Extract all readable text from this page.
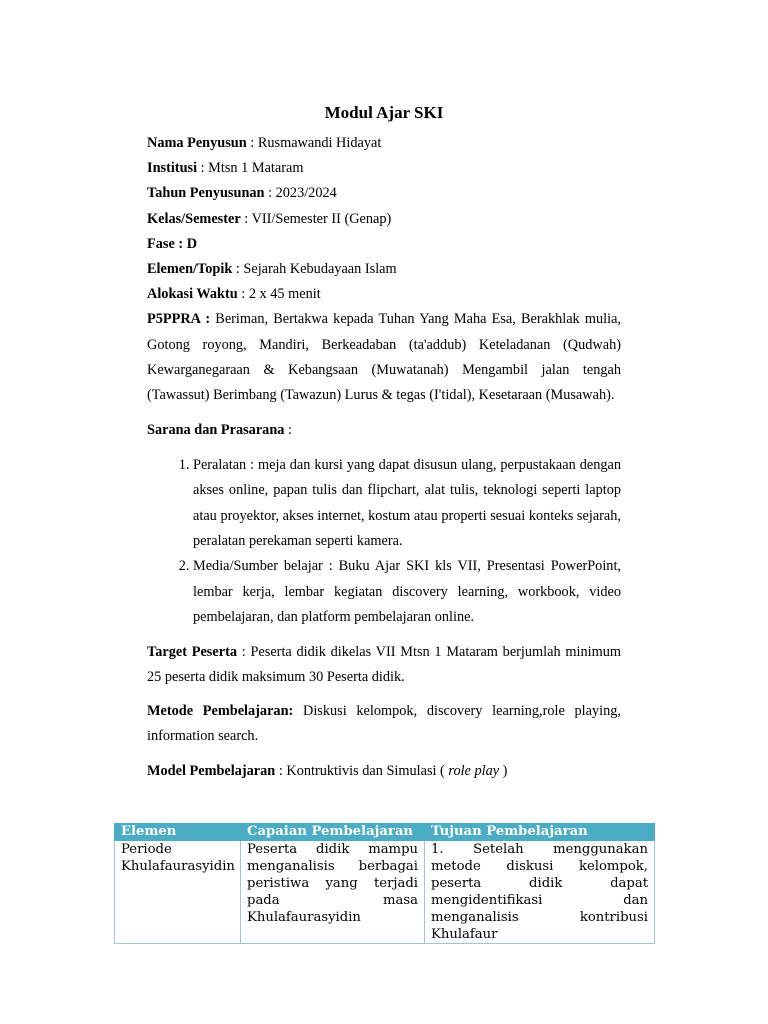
Modul Ajar SKI
Nama Penyusun : Rusmawandi Hidayat
Institusi : Mtsn 1 Mataram
Tahun Penyusunan : 2023/2024
Kelas/Semester : VII/Semester II (Genap)
Fase : D
Elemen/Topik : Sejarah Kebudayaan Islam
Alokasi Waktu : 2 x 45 menit
P5PPRA : Beriman, Bertakwa kepada Tuhan Yang Maha Esa, Berakhlak mulia, Gotong royong, Mandiri, Berkeadaban (ta'addub) Keteladanan (Qudwah) Kewarganegaraan & Kebangsaan (Muwatanah) Mengambil jalan tengah (Tawassut) Berimbang (Tawazun) Lurus & tegas (I'tidal), Kesetaraan (Musawah).
Sarana dan Prasarana :
1. Peralatan : meja dan kursi yang dapat disusun ulang, perpustakaan dengan akses online, papan tulis dan flipchart, alat tulis, teknologi seperti laptop atau proyektor, akses internet, kostum atau properti sesuai konteks sejarah, peralatan perekaman seperti kamera.
2. Media/Sumber belajar : Buku Ajar SKI kls VII, Presentasi PowerPoint, lembar kerja, lembar kegiatan discovery learning, workbook, video pembelajaran, dan platform pembelajaran online.
Target Peserta : Peserta didik dikelas VII Mtsn 1 Mataram berjumlah minimum 25 peserta didik maksimum 30 Peserta didik.
Metode Pembelajaran: Diskusi kelompok, discovery learning,role playing, information search.
Model Pembelajaran : Kontruktivis dan Simulasi ( role play )
Elemen	Capaian Pembelajaran	Tujuan Pembelajaran
Periode Khulafaurasyidin	Peserta didik mampu menganalisis berbagai peristiwa yang terjadi pada masa Khulafaurasyidin	1. Setelah menggunakan metode diskusi kelompok, peserta didik dapat mengidentifikasi dan menganalisis kontribusi Khulafaur
